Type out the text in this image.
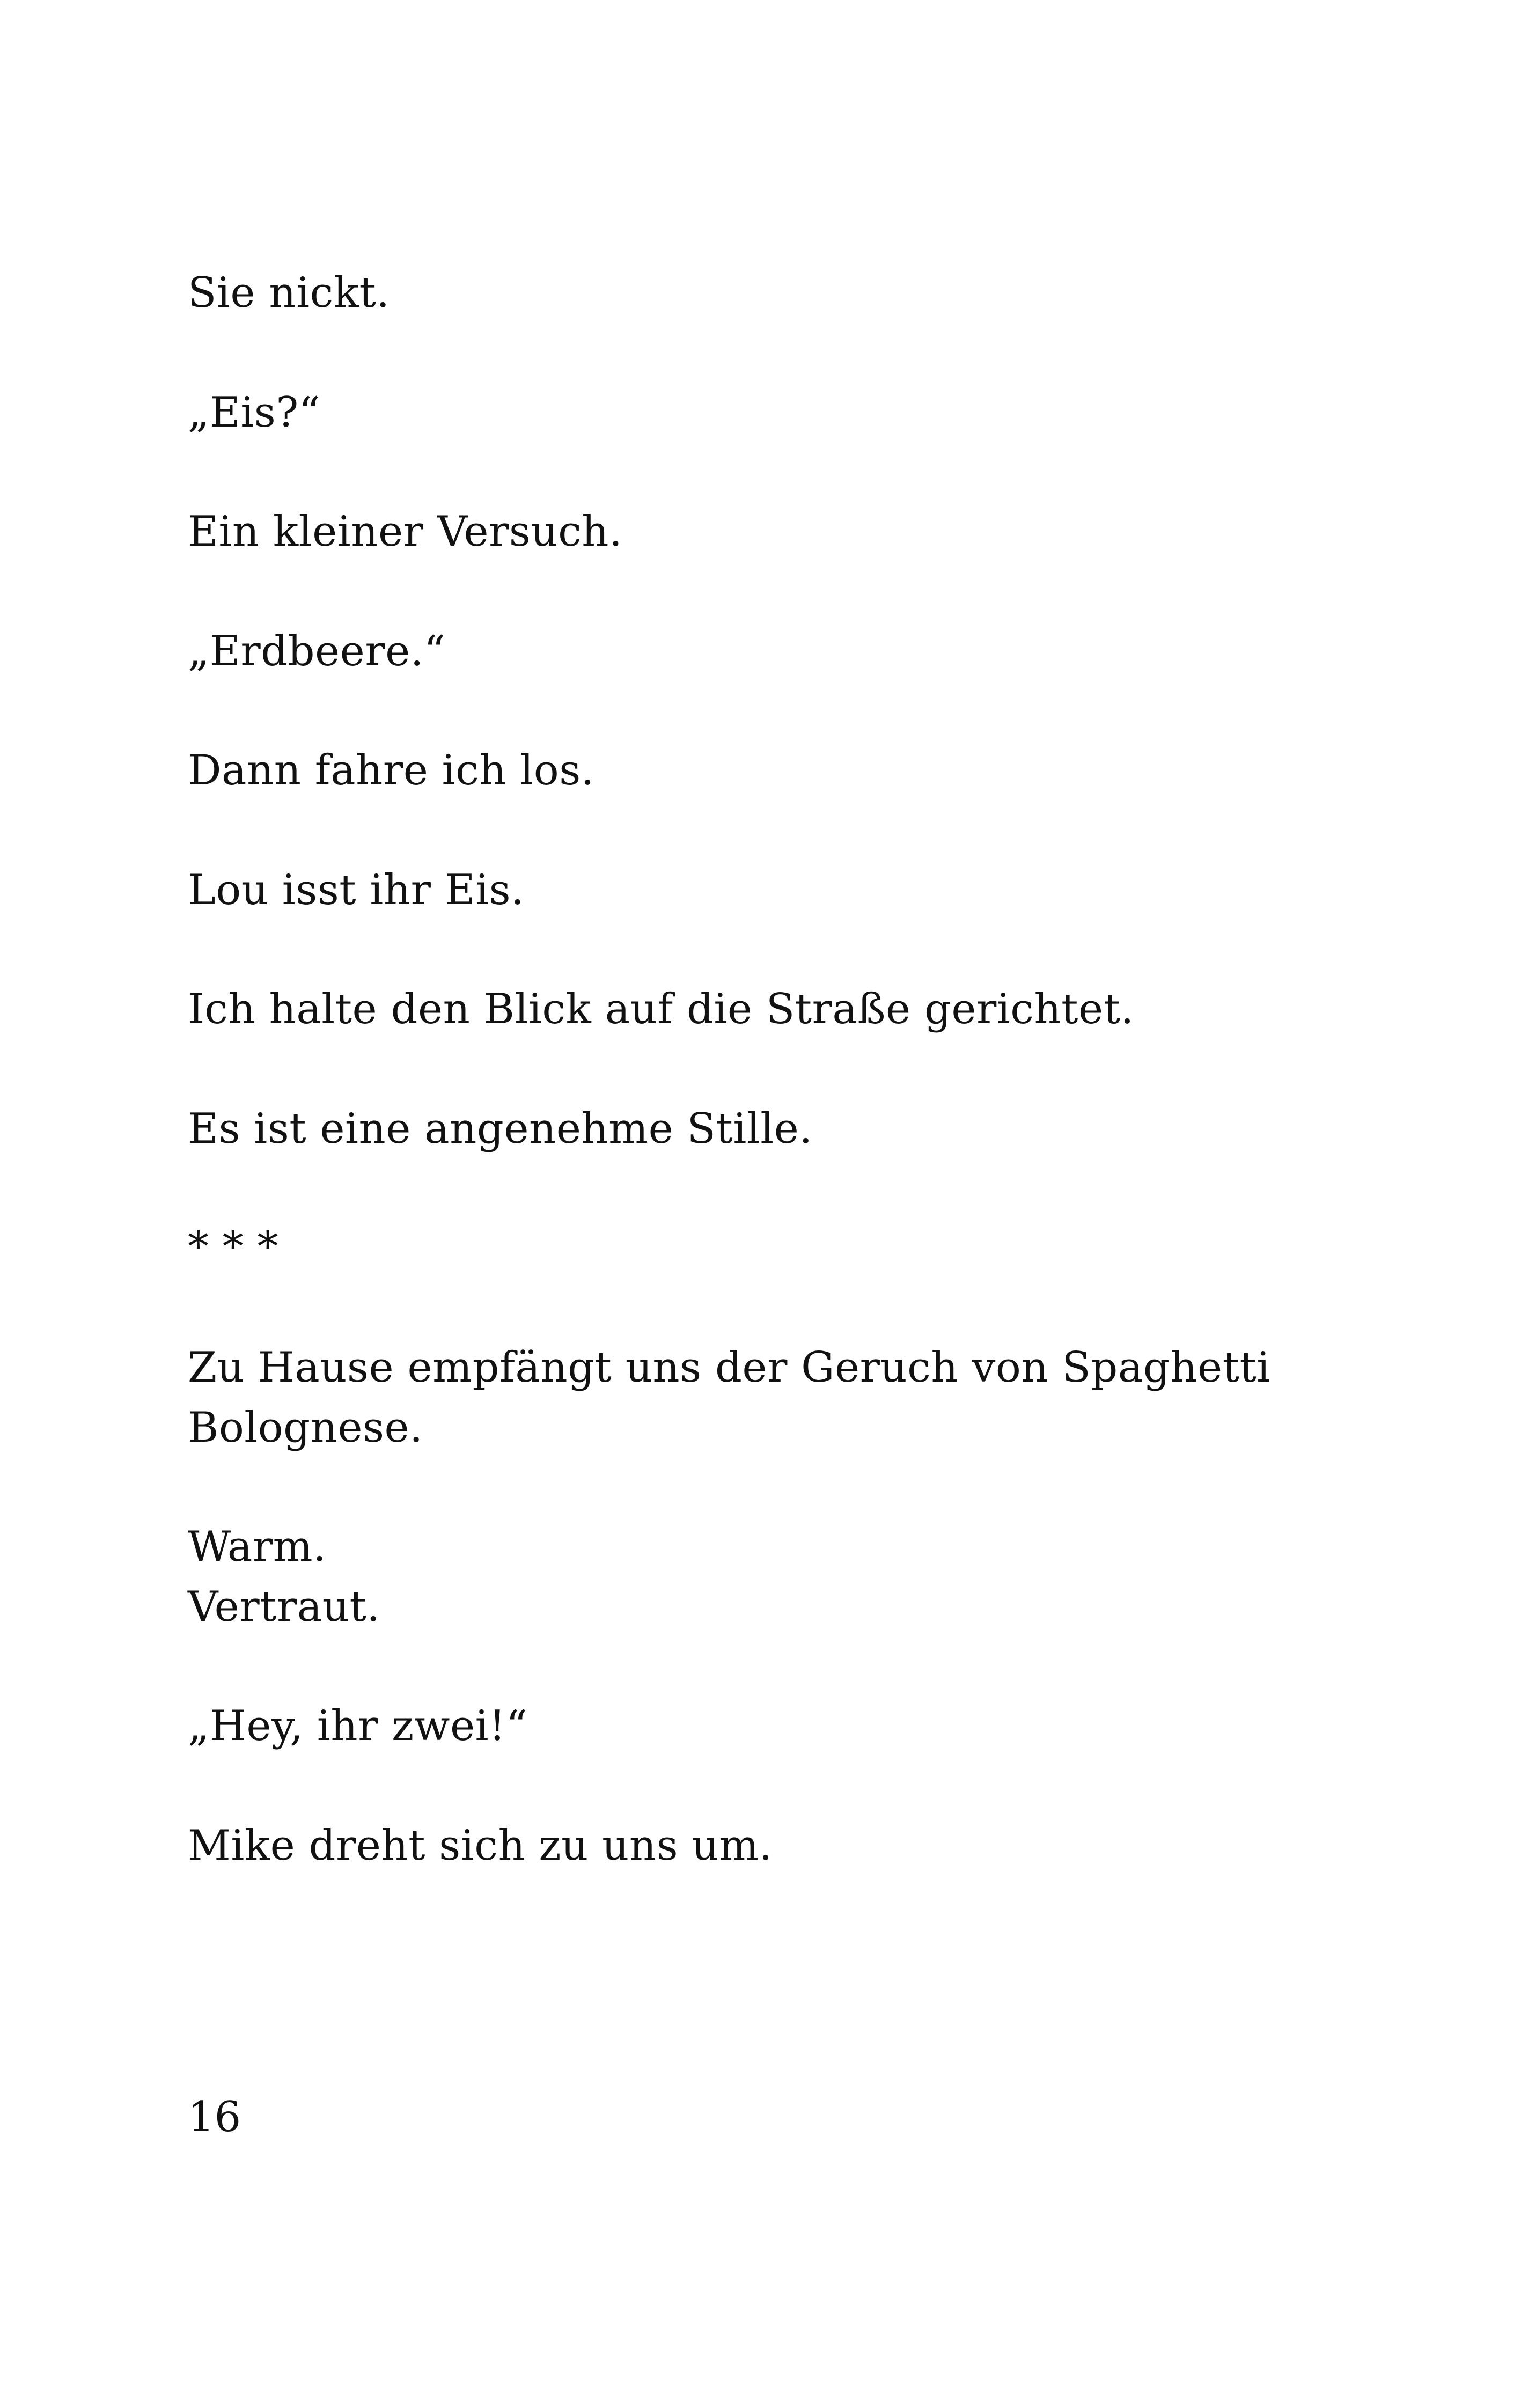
Sie nickt.
„Eis?“
Ein kleiner Versuch.
„Erdbeere.“
Dann fahre ich los.
Lou isst ihr Eis.
Ich halte den Blick auf die Straße gerichtet.
Es ist eine angenehme Stille.
* * *
Zu Hause empfängt uns der Geruch von Spaghetti
Bolognese.
Warm.
Vertraut.
„Hey, ihr zwei!“
Mike dreht sich zu uns um.
16
